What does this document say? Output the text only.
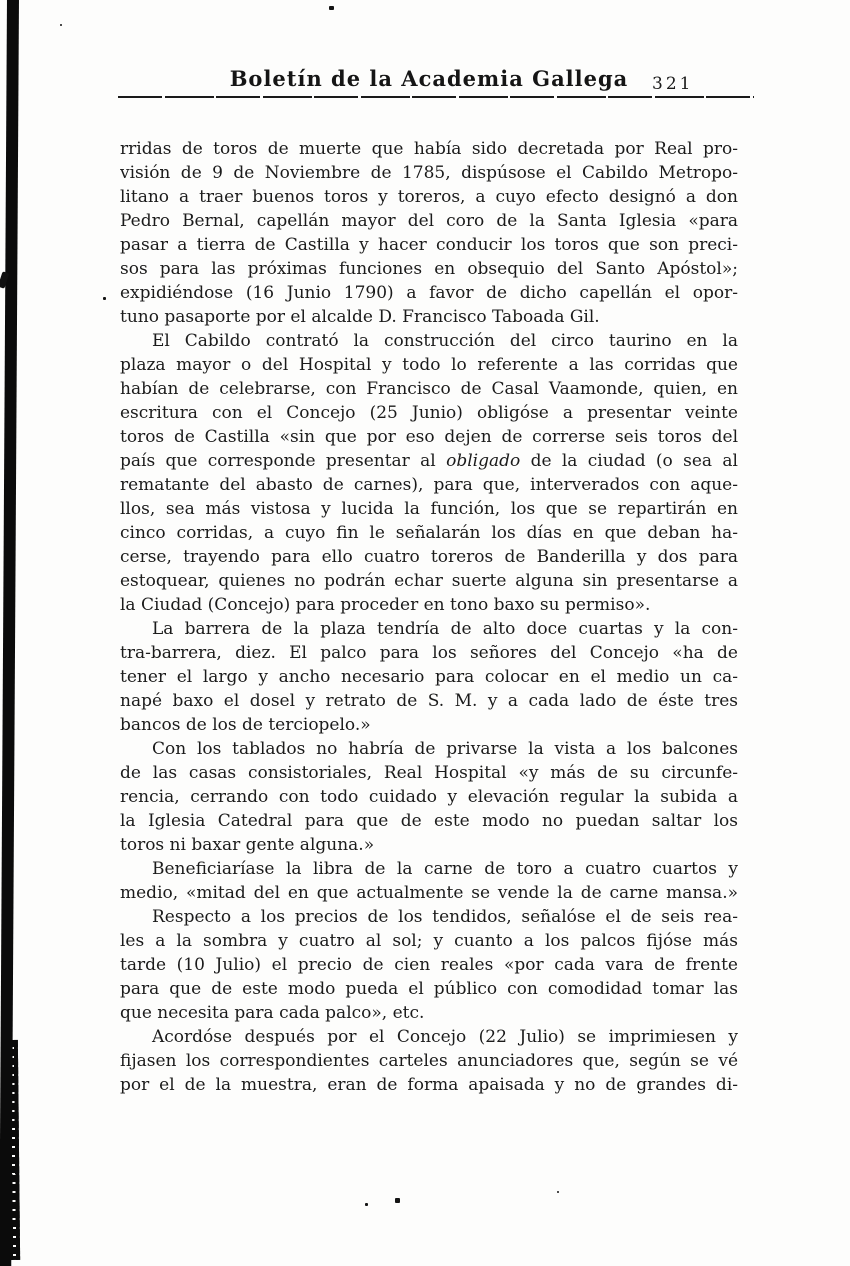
Boletín de la Academia Gallega	321
rridas de toros de muerte que había sido decretada por Real pro-
visión de 9 de Noviembre de 1785, dispúsose el Cabildo Metropo-
litano a traer buenos toros y toreros, a cuyo efecto designó a don
Pedro Bernal, capellán mayor del coro de la Santa Iglesia «para
pasar a tierra de Castilla y hacer conducir los toros que son preci-
sos para las próximas funciones en obsequio del Santo Apóstol»;
expidiéndose (16 Junio 1790) a favor de dicho capellán el opor-
tuno pasaporte por el alcalde D. Francisco Taboada Gil.
El Cabildo contrató la construcción del circo taurino en la
plaza mayor o del Hospital y todo lo referente a las corridas que
habían de celebrarse, con Francisco de Casal Vaamonde, quien, en
escritura con el Concejo (25 Junio) obligóse a presentar veinte
toros de Castilla «sin que por eso dejen de correrse seis toros del
país que corresponde presentar al obligado de la ciudad (o sea al
rematante del abasto de carnes), para que, interverados con aque-
llos, sea más vistosa y lucida la función, los que se repartirán en
cinco corridas, a cuyo fin le señalarán los días en que deban ha-
cerse, trayendo para ello cuatro toreros de Banderilla y dos para
estoquear, quienes no podrán echar suerte alguna sin presentarse a
la Ciudad (Concejo) para proceder en tono baxo su permiso».
La barrera de la plaza tendría de alto doce cuartas y la con-
tra-barrera, diez. El palco para los señores del Concejo «ha de
tener el largo y ancho necesario para colocar en el medio un ca-
napé baxo el dosel y retrato de S. M. y a cada lado de éste tres
bancos de los de terciopelo.»
Con los tablados no habría de privarse la vista a los balcones
de las casas consistoriales, Real Hospital «y más de su circunfe-
rencia, cerrando con todo cuidado y elevación regular la subida a
la Iglesia Catedral para que de este modo no puedan saltar los
toros ni baxar gente alguna.»
Beneficiaríase la libra de la carne de toro a cuatro cuartos y
medio, «mitad del en que actualmente se vende la de carne mansa.»
Respecto a los precios de los tendidos, señalóse el de seis rea-
les a la sombra y cuatro al sol; y cuanto a los palcos fijóse más
tarde (10 Julio) el precio de cien reales «por cada vara de frente
para que de este modo pueda el público con comodidad tomar las
que necesita para cada palco», etc.
Acordóse después por el Concejo (22 Julio) se imprimiesen y
fijasen los correspondientes carteles anunciadores que, según se vé
por el de la muestra, eran de forma apaisada y no de grandes di-
